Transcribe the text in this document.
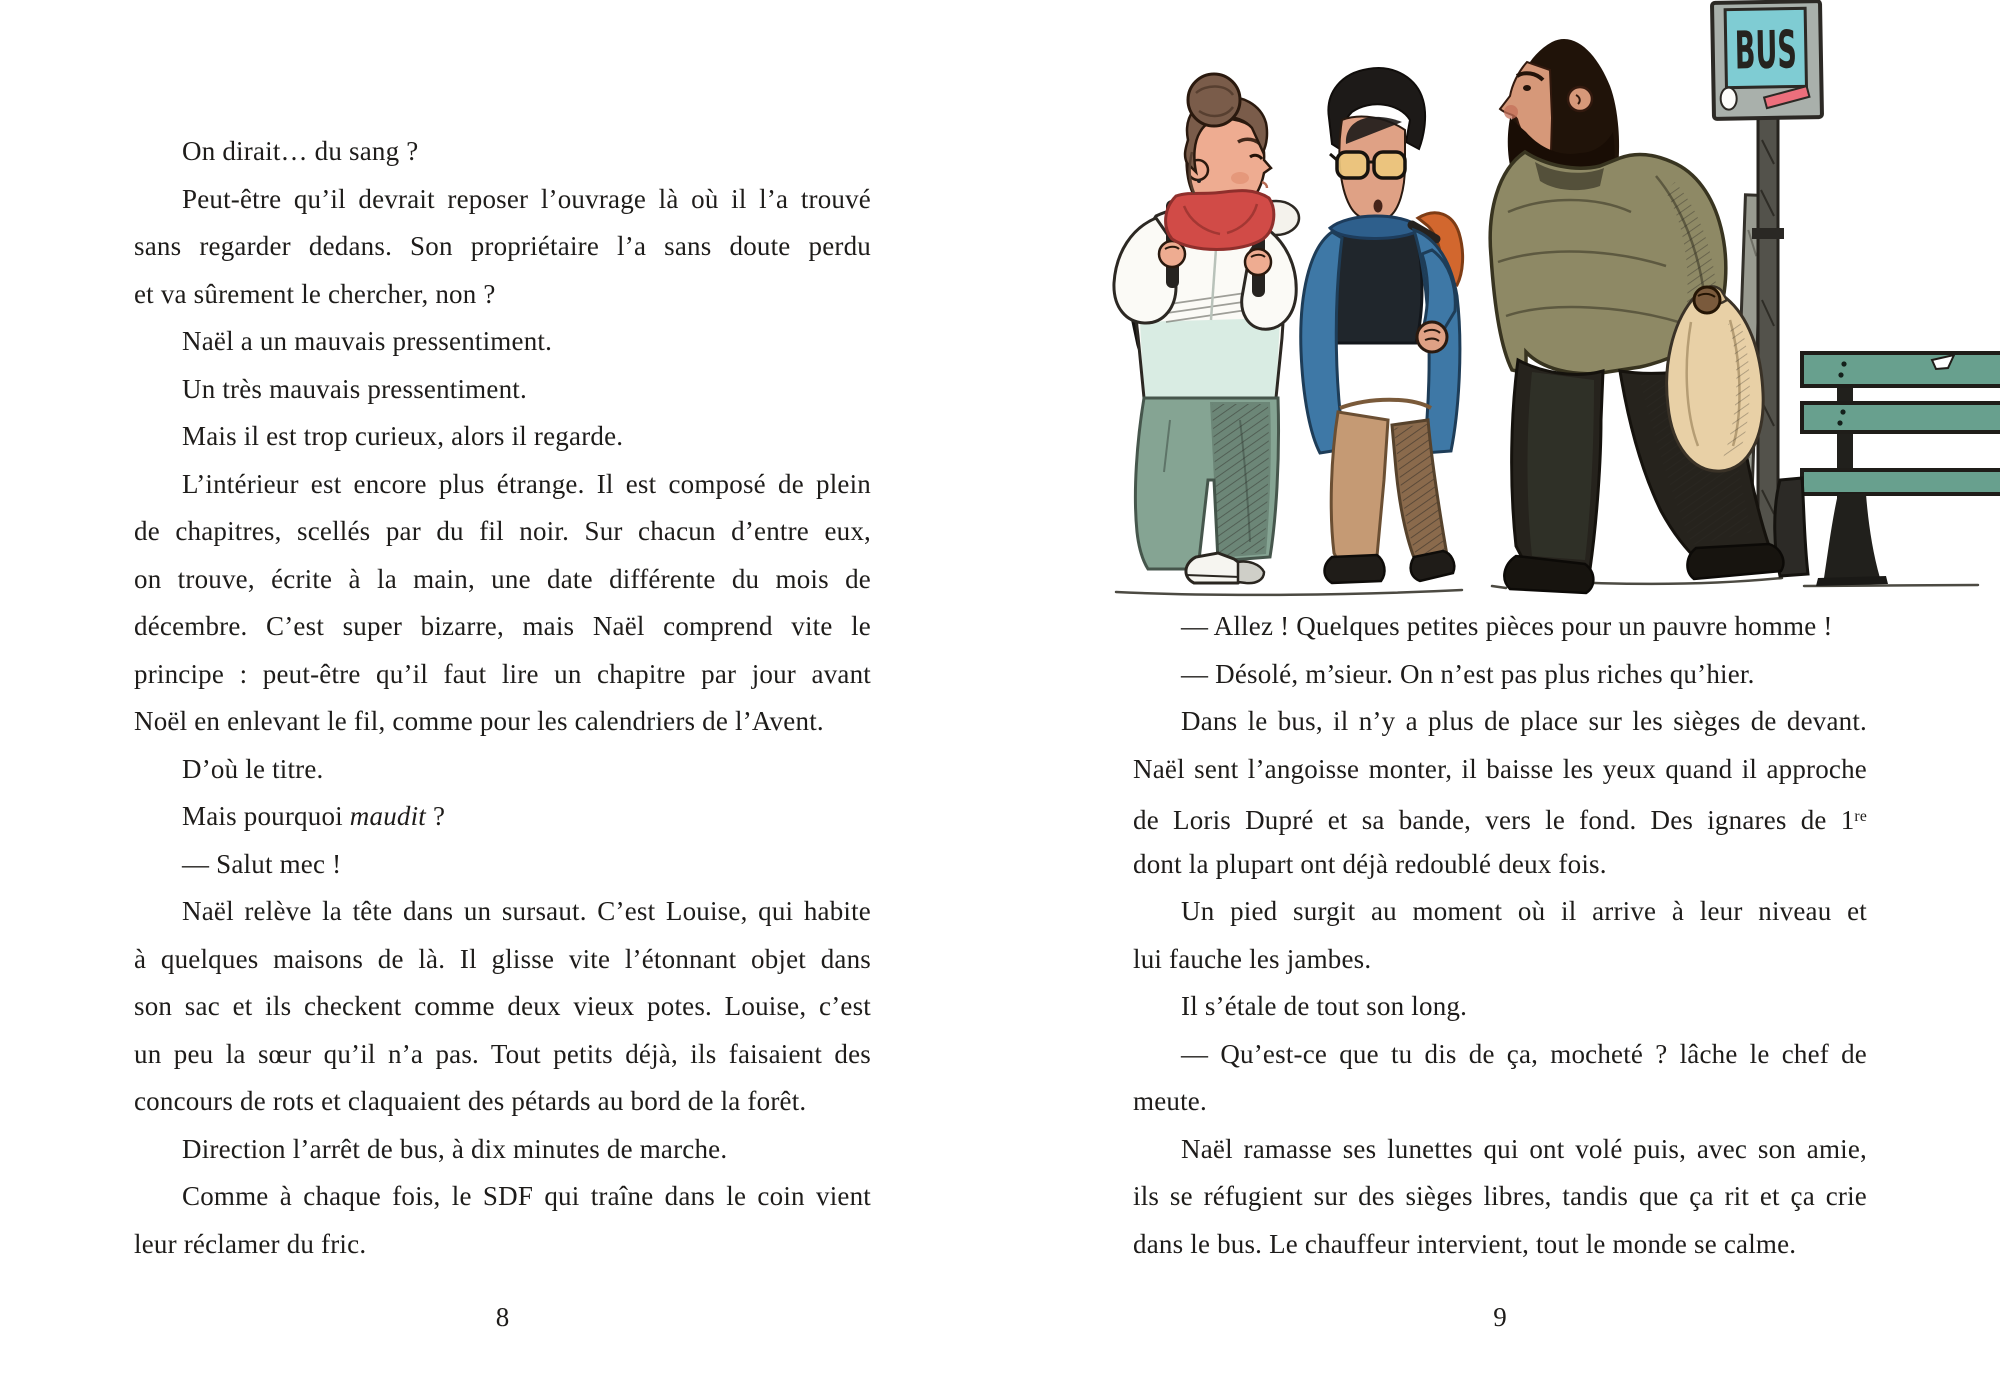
On dirait… du sang ?
Peut-être qu’il devrait reposer l’ouvrage là où il l’a trouvé
sans regarder dedans. Son propriétaire l’a sans doute perdu
et va sûrement le chercher, non ?
Naël a un mauvais pressentiment.
Un très mauvais pressentiment.
Mais il est trop curieux, alors il regarde.
L’intérieur est encore plus étrange. Il est composé de plein
de chapitres, scellés par du fil noir. Sur chacun d’entre eux,
on trouve, écrite à la main, une date différente du mois de
décembre. C’est super bizarre, mais Naël comprend vite le
principe : peut-être qu’il faut lire un chapitre par jour avant
Noël en enlevant le fil, comme pour les calendriers de l’Avent.
D’où le titre.
Mais pourquoi maudit ?
— Salut mec !
Naël relève la tête dans un sursaut. C’est Louise, qui habite
à quelques maisons de là. Il glisse vite l’étonnant objet dans
son sac et ils checkent comme deux vieux potes. Louise, c’est
un peu la sœur qu’il n’a pas. Tout petits déjà, ils faisaient des
concours de rots et claquaient des pétards au bord de la forêt.
Direction l’arrêt de bus, à dix minutes de marche.
Comme à chaque fois, le SDF qui traîne dans le coin vient
leur réclamer du fric.
— Allez ! Quelques petites pièces pour un pauvre homme !
— Désolé, m’sieur. On n’est pas plus riches qu’hier.
Dans le bus, il n’y a plus de place sur les sièges de devant.
Naël sent l’angoisse monter, il baisse les yeux quand il approche
de Loris Dupré et sa bande, vers le fond. Des ignares de 1re
dont la plupart ont déjà redoublé deux fois.
Un pied surgit au moment où il arrive à leur niveau et
lui fauche les jambes.
Il s’étale de tout son long.
— Qu’est-ce que tu dis de ça, mocheté ? lâche le chef de
meute.
Naël ramasse ses lunettes qui ont volé puis, avec son amie,
ils se réfugient sur des sièges libres, tandis que ça rit et ça crie
dans le bus. Le chauffeur intervient, tout le monde se calme.
8	9
BUS
